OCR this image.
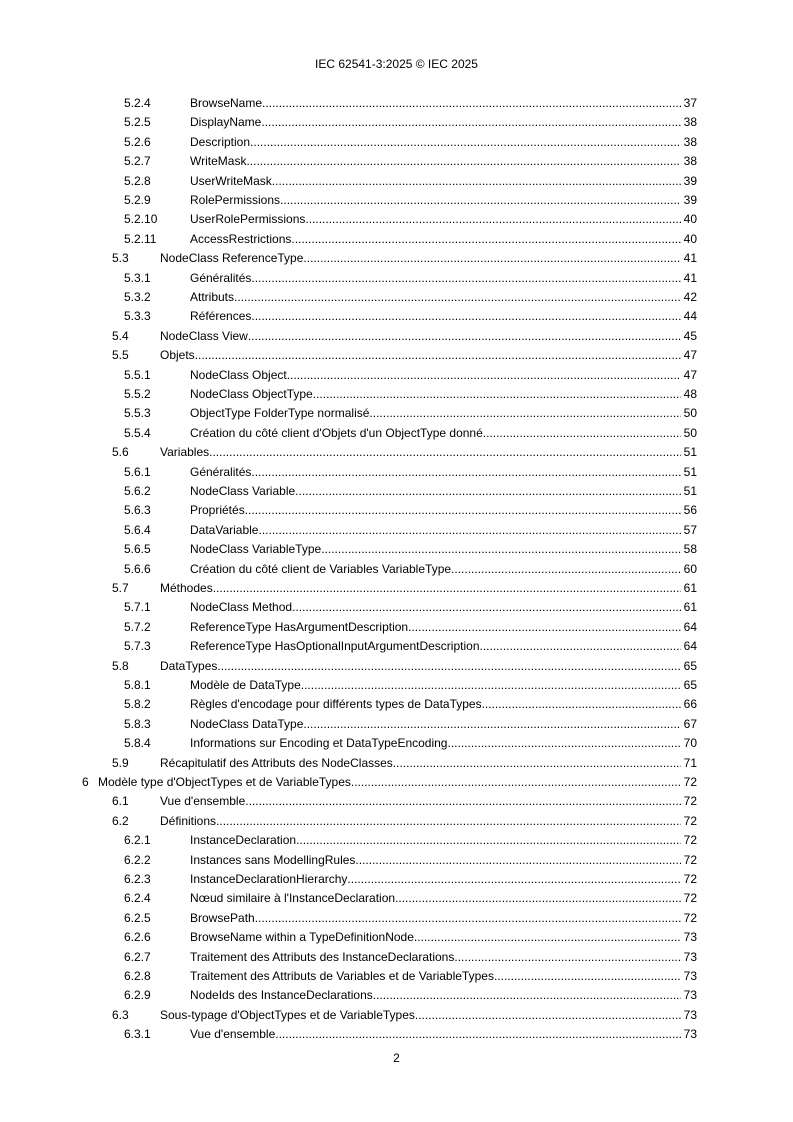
IEC 62541-3:2025 © IEC 2025
5.2.4	BrowseName .....	37
5.2.5	DisplayName .....	38
5.2.6	Description .....	38
5.2.7	WriteMask .....	38
5.2.8	UserWriteMask .....	39
5.2.9	RolePermissions .....	39
5.2.10	UserRolePermissions .....	40
5.2.11	AccessRestrictions .....	40
5.3	NodeClass ReferenceType .....	41
5.3.1	Généralités .....	41
5.3.2	Attributs .....	42
5.3.3	Références .....	44
5.4	NodeClass View .....	45
5.5	Objets .....	47
5.5.1	NodeClass Object .....	47
5.5.2	NodeClass ObjectType .....	48
5.5.3	ObjectType FolderType normalisé .....	50
5.5.4	Création du côté client d'Objets d'un ObjectType donné .....	50
5.6	Variables .....	51
5.6.1	Généralités .....	51
5.6.2	NodeClass Variable .....	51
5.6.3	Propriétés .....	56
5.6.4	DataVariable .....	57
5.6.5	NodeClass VariableType .....	58
5.6.6	Création du côté client de Variables VariableType .....	60
5.7	Méthodes .....	61
5.7.1	NodeClass Method .....	61
5.7.2	ReferenceType HasArgumentDescription .....	64
5.7.3	ReferenceType HasOptionalInputArgumentDescription .....	64
5.8	DataTypes .....	65
5.8.1	Modèle de DataType .....	65
5.8.2	Règles d'encodage pour différents types de DataTypes .....	66
5.8.3	NodeClass DataType .....	67
5.8.4	Informations sur Encoding et DataTypeEncoding .....	70
5.9	Récapitulatif des Attributs des NodeClasses .....	71
6 Modèle type d'ObjectTypes et de VariableTypes .....	72
6.1	Vue d'ensemble .....	72
6.2	Définitions .....	72
6.2.1	InstanceDeclaration .....	72
6.2.2	Instances sans ModellingRules .....	72
6.2.3	InstanceDeclarationHierarchy .....	72
6.2.4	Nœud similaire à l'InstanceDeclaration .....	72
6.2.5	BrowsePath .....	72
6.2.6	BrowseName within a TypeDefinitionNode .....	73
6.2.7	Traitement des Attributs des InstanceDeclarations .....	73
6.2.8	Traitement des Attributs de Variables et de VariableTypes .....	73
6.2.9	NodeIds des InstanceDeclarations .....	73
6.3	Sous-typage d'ObjectTypes et de VariableTypes .....	73
6.3.1	Vue d'ensemble .....	73
2
